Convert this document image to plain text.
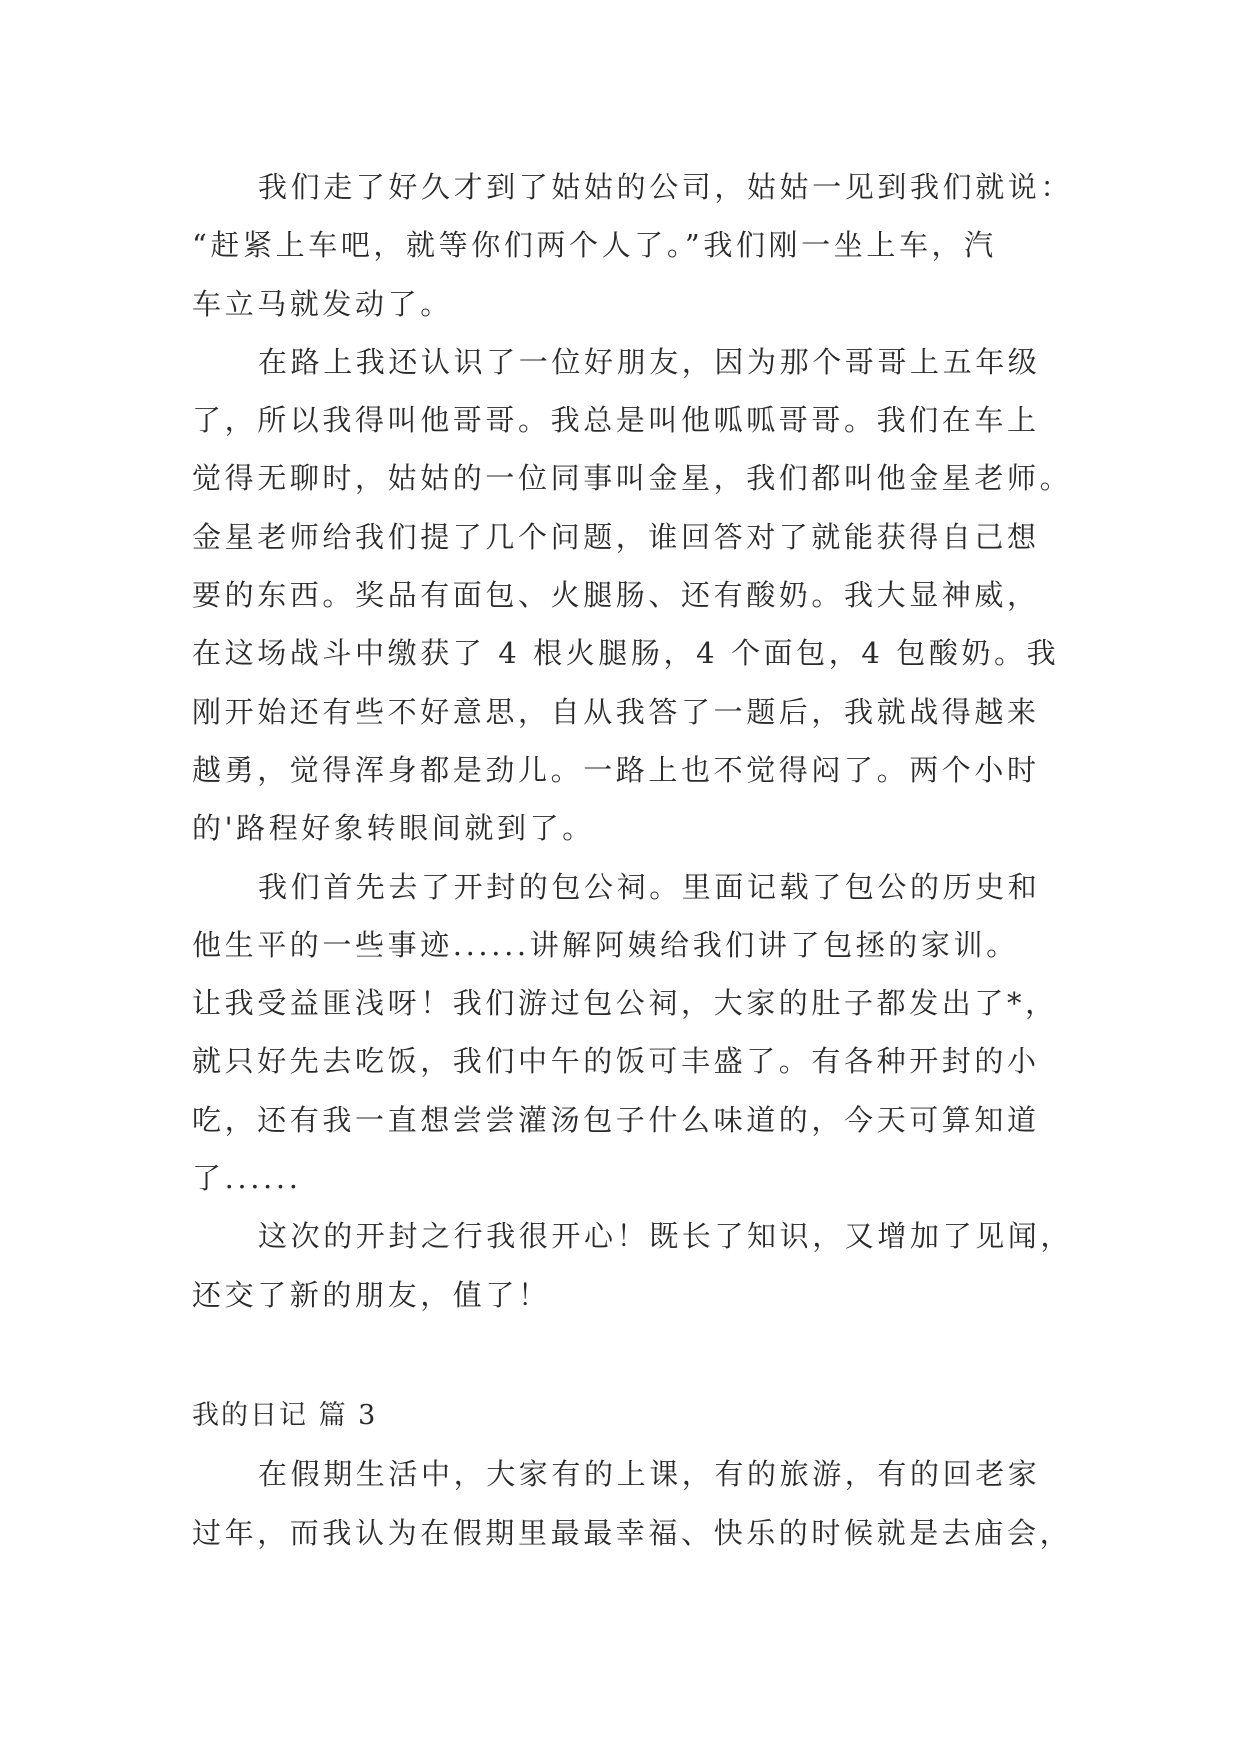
我们走了好久才到了姑姑的公司，姑姑一见到我们就说：
“赶紧上车吧，就等你们两个人了。”我们刚一坐上车，汽
车立马就发动了。
在路上我还认识了一位好朋友，因为那个哥哥上五年级
了，所以我得叫他哥哥。我总是叫他呱呱哥哥。我们在车上
觉得无聊时，姑姑的一位同事叫金星，我们都叫他金星老师。
金星老师给我们提了几个问题，谁回答对了就能获得自己想
要的东西。奖品有面包、火腿肠、还有酸奶。我大显神威，
在这场战斗中缴获了 4 根火腿肠，4 个面包，4 包酸奶。我
刚开始还有些不好意思，自从我答了一题后，我就战得越来
越勇，觉得浑身都是劲儿。一路上也不觉得闷了。两个小时
的'路程好象转眼间就到了。
我们首先去了开封的包公祠。里面记载了包公的历史和
他生平的一些事迹......讲解阿姨给我们讲了包拯的家训。
让我受益匪浅呀！我们游过包公祠，大家的肚子都发出了*，
就只好先去吃饭，我们中午的饭可丰盛了。有各种开封的小
吃，还有我一直想尝尝灌汤包子什么味道的，今天可算知道
了......
这次的开封之行我很开心！既长了知识，又增加了见闻，
还交了新的朋友，值了！
我的日记 篇 3
在假期生活中，大家有的上课，有的旅游，有的回老家
过年，而我认为在假期里最最幸福、快乐的时候就是去庙会，
